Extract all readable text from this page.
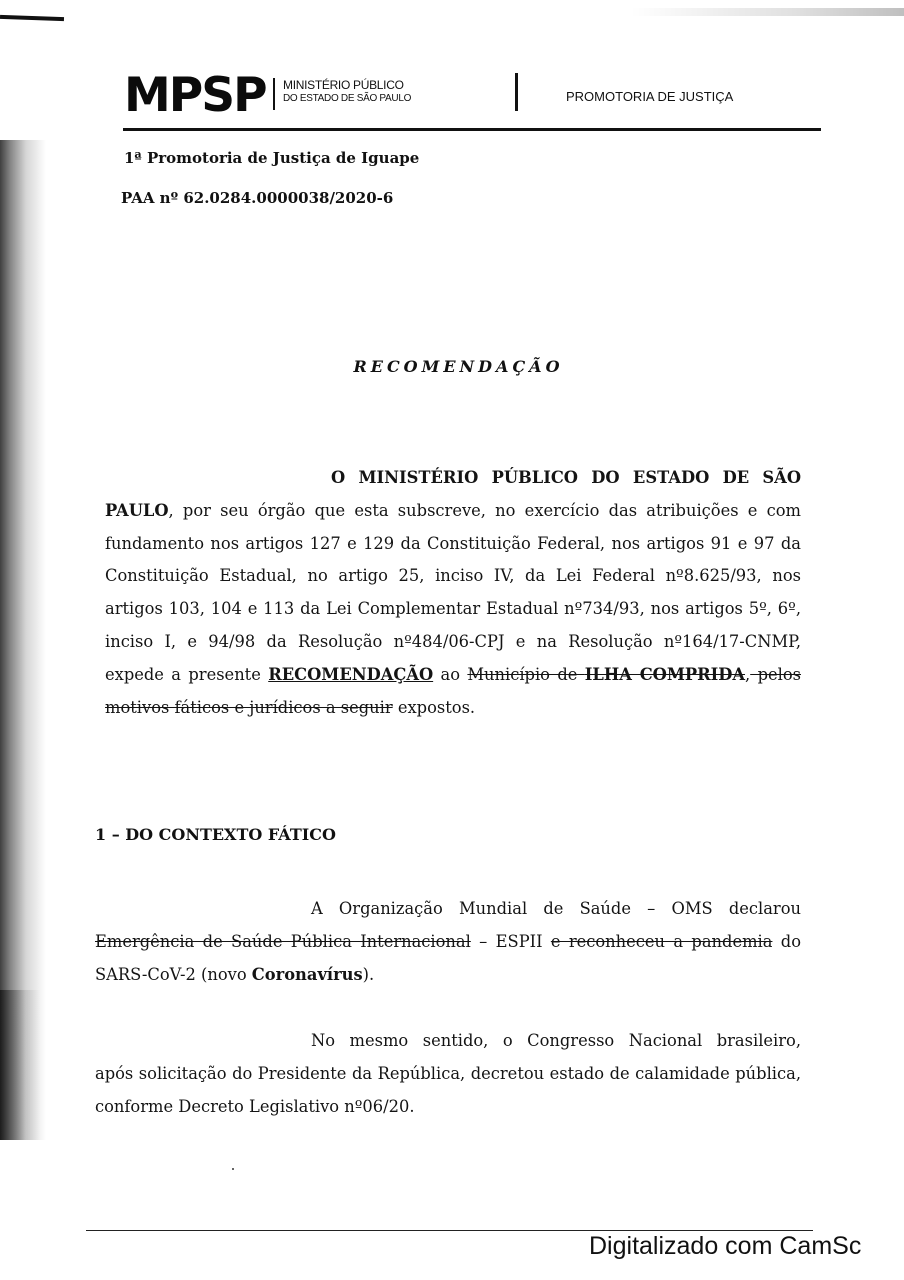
MPSP MINISTÉRIO PÚBLICO
DO ESTADO DE SÃO PAULO	PROMOTORIA DE JUSTIÇA
1ª Promotoria de Justiça de Iguape
PAA nº 62.0284.0000038/2020-6
RECOMENDAÇÃO
O MINISTÉRIO PÚBLICO DO ESTADO DE SÃO
PAULO, por seu órgão que esta subscreve, no exercício das atribuições e com fundamento nos artigos 127 e 129 da Constituição Federal, nos artigos 91 e 97 da Constituição Estadual, no artigo 25, inciso IV, da Lei Federal nº8.625/93, nos artigos 103, 104 e 113 da Lei Complementar Estadual nº734/93, nos artigos 5º, 6º, inciso I, e 94/98 da Resolução nº484/06-CPJ e na Resolução nº164/17-CNMP, expede a presente RECOMENDAÇÃO ao Município de ILHA COMPRIDA, pelos motivos fáticos e jurídicos a seguir expostos.
1 – DO CONTEXTO FÁTICO
A Organização Mundial de Saúde – OMS declarou
Emergência de Saúde Pública Internacional – ESPII e reconheceu a pandemia do SARS-CoV-2 (novo Coronavírus).
No mesmo sentido, o Congresso Nacional brasileiro,
após solicitação do Presidente da República, decretou estado de calamidade pública, conforme Decreto Legislativo nº06/20.
Digitalizado com CamSc
